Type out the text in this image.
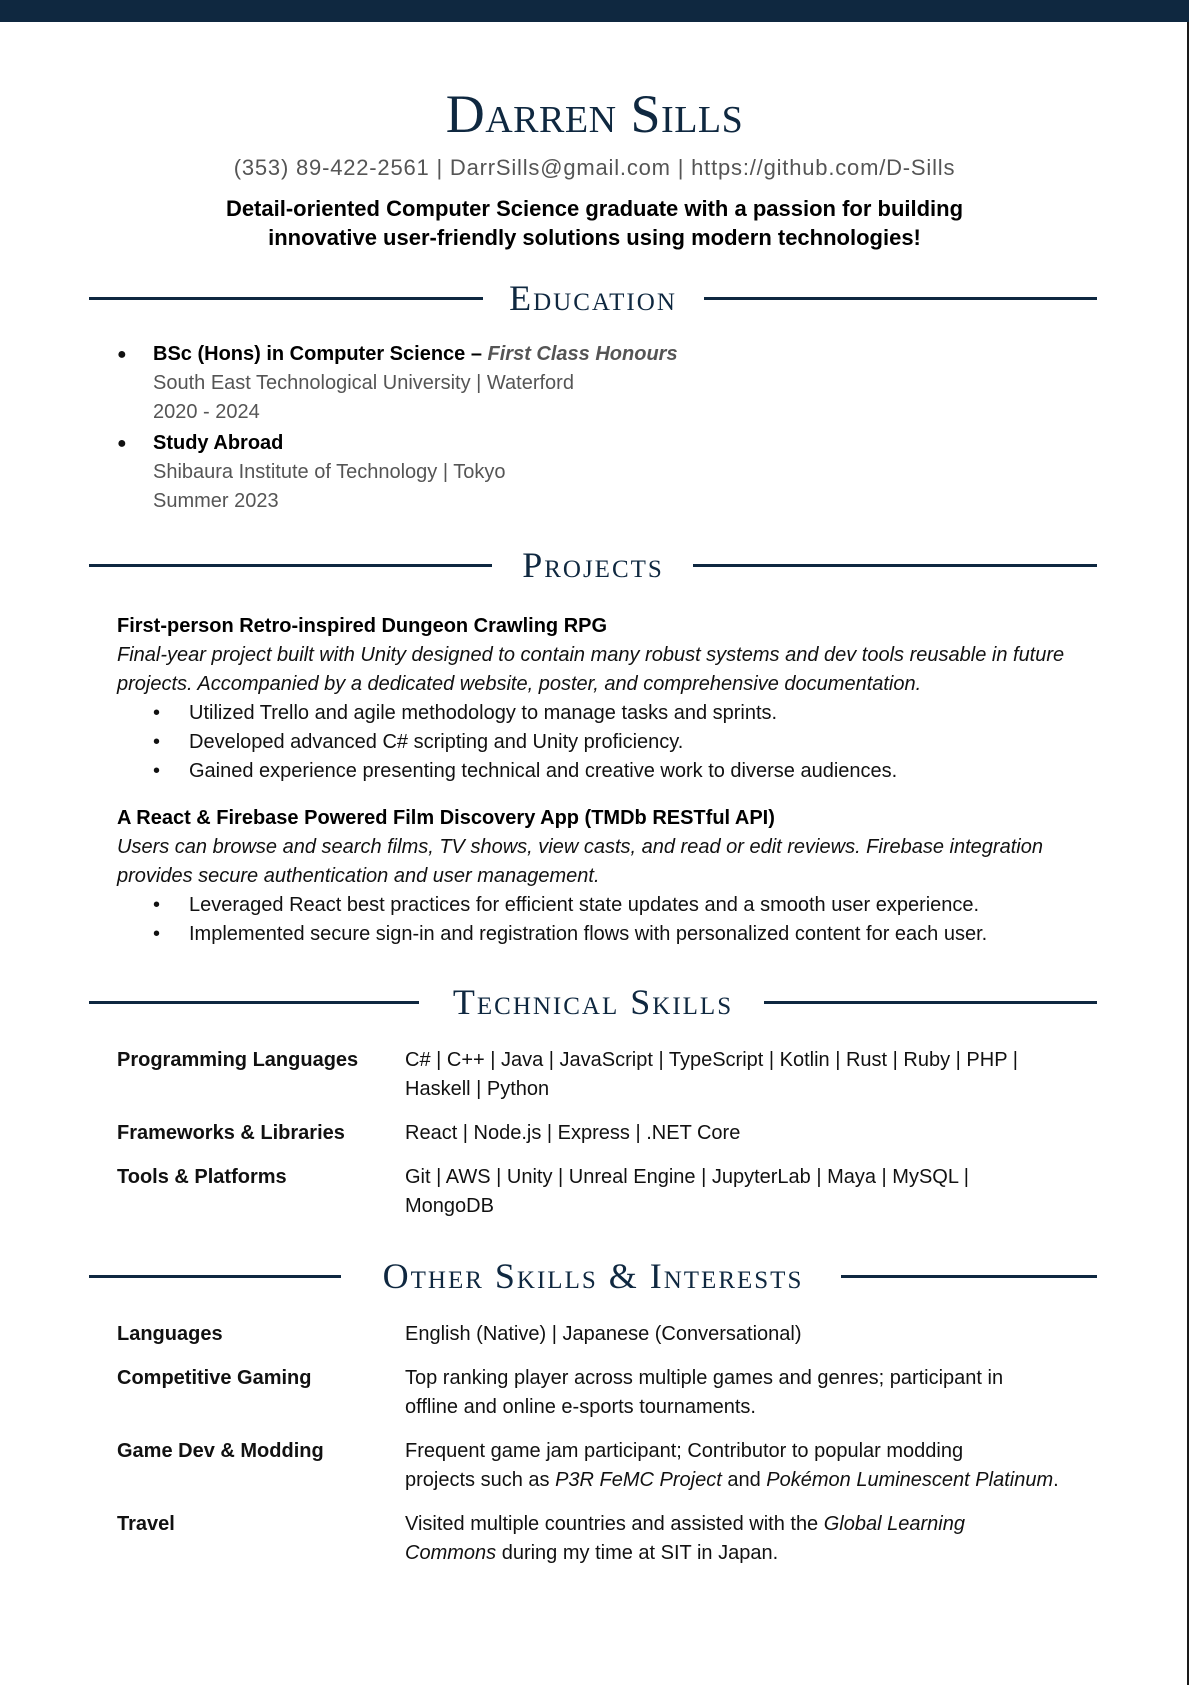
Darren Sills
(353) 89-422-2561 | DarrSills@gmail.com | https://github.com/D-Sills
Detail-oriented Computer Science graduate with a passion for building
innovative user-friendly solutions using modern technologies!
Education
● BSc (Hons) in Computer Science – First Class Honours
South East Technological University | Waterford
2020 - 2024
● Study Abroad
Shibaura Institute of Technology | Tokyo
Summer 2023
Projects
First-person Retro-inspired Dungeon Crawling RPG
Final-year project built with Unity designed to contain many robust systems and dev tools reusable in future
projects. Accompanied by a dedicated website, poster, and comprehensive documentation.
• Utilized Trello and agile methodology to manage tasks and sprints.
• Developed advanced C# scripting and Unity proficiency.
• Gained experience presenting technical and creative work to diverse audiences.
A React & Firebase Powered Film Discovery App (TMDb RESTful API)
Users can browse and search films, TV shows, view casts, and read or edit reviews. Firebase integration
provides secure authentication and user management.
• Leveraged React best practices for efficient state updates and a smooth user experience.
• Implemented secure sign-in and registration flows with personalized content for each user.
Technical Skills
Programming Languages	C# | C++ | Java | JavaScript | TypeScript | Kotlin | Rust | Ruby | PHP |
Haskell | Python
Frameworks & Libraries	React | Node.js | Express | .NET Core
Tools & Platforms	Git | AWS | Unity | Unreal Engine | JupyterLab | Maya | MySQL |
MongoDB
Other Skills & Interests
Languages	English (Native) | Japanese (Conversational)
Competitive Gaming	Top ranking player across multiple games and genres; participant in
offline and online e-sports tournaments.
Game Dev & Modding	Frequent game jam participant; Contributor to popular modding
projects such as P3R FeMC Project and Pokémon Luminescent Platinum.
Travel	Visited multiple countries and assisted with the Global Learning
Commons during my time at SIT in Japan.
